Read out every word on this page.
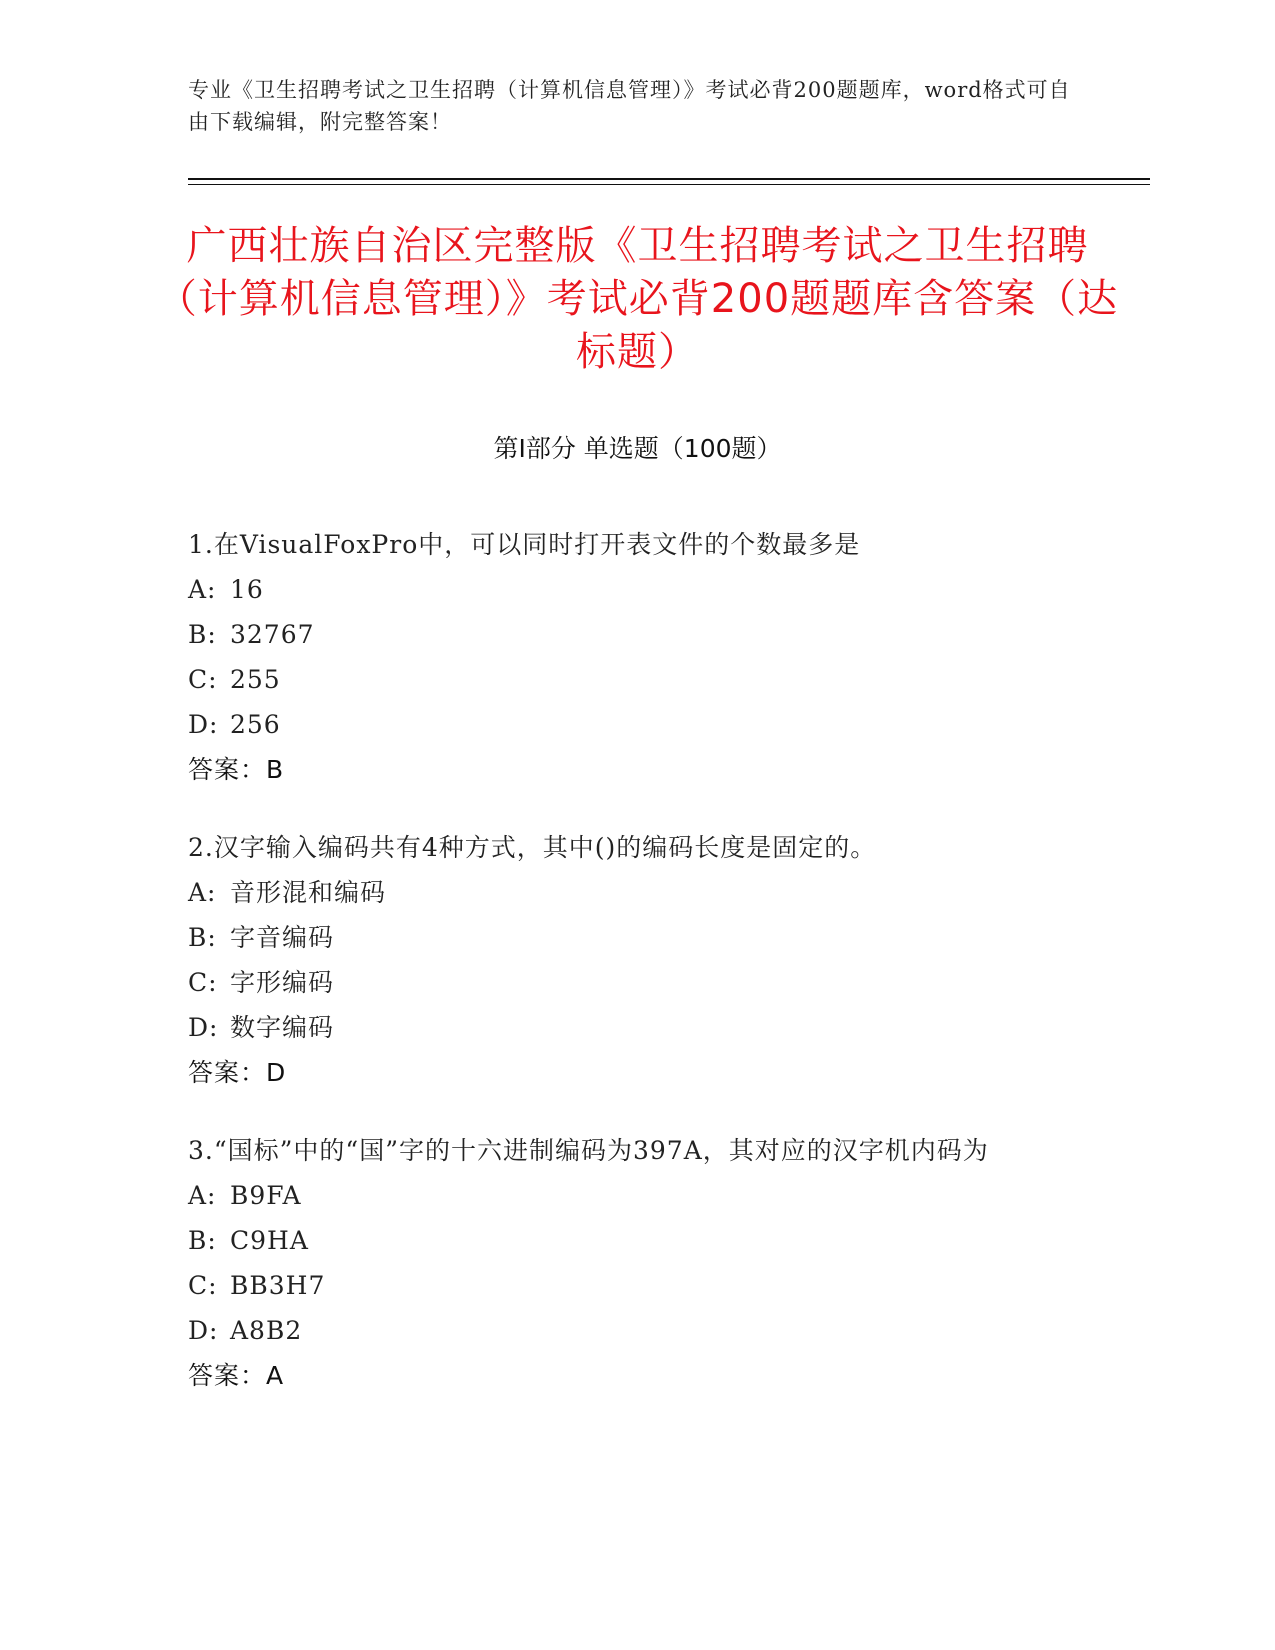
专业《卫生招聘考试之卫生招聘（计算机信息管理）》考试必背200题题库，word格式可自由下载编辑，附完整答案！
广西壮族自治区完整版《卫生招聘考试之卫生招聘（计算机信息管理）》考试必背200题题库含答案（达标题）
第Ⅰ部分 单选题（100题）
1.在VisualFoxPro中，可以同时打开表文件的个数最多是
A: 16
B: 32767
C: 255
D: 256
答案：B
2.汉字输入编码共有4种方式，其中()的编码长度是固定的。
A: 音形混和编码
B: 字音编码
C: 字形编码
D: 数字编码
答案：D
3.“国标”中的“国”字的十六进制编码为397A，其对应的汉字机内码为
A: B9FA
B: C9HA
C: BB3H7
D: A8B2
答案：A
